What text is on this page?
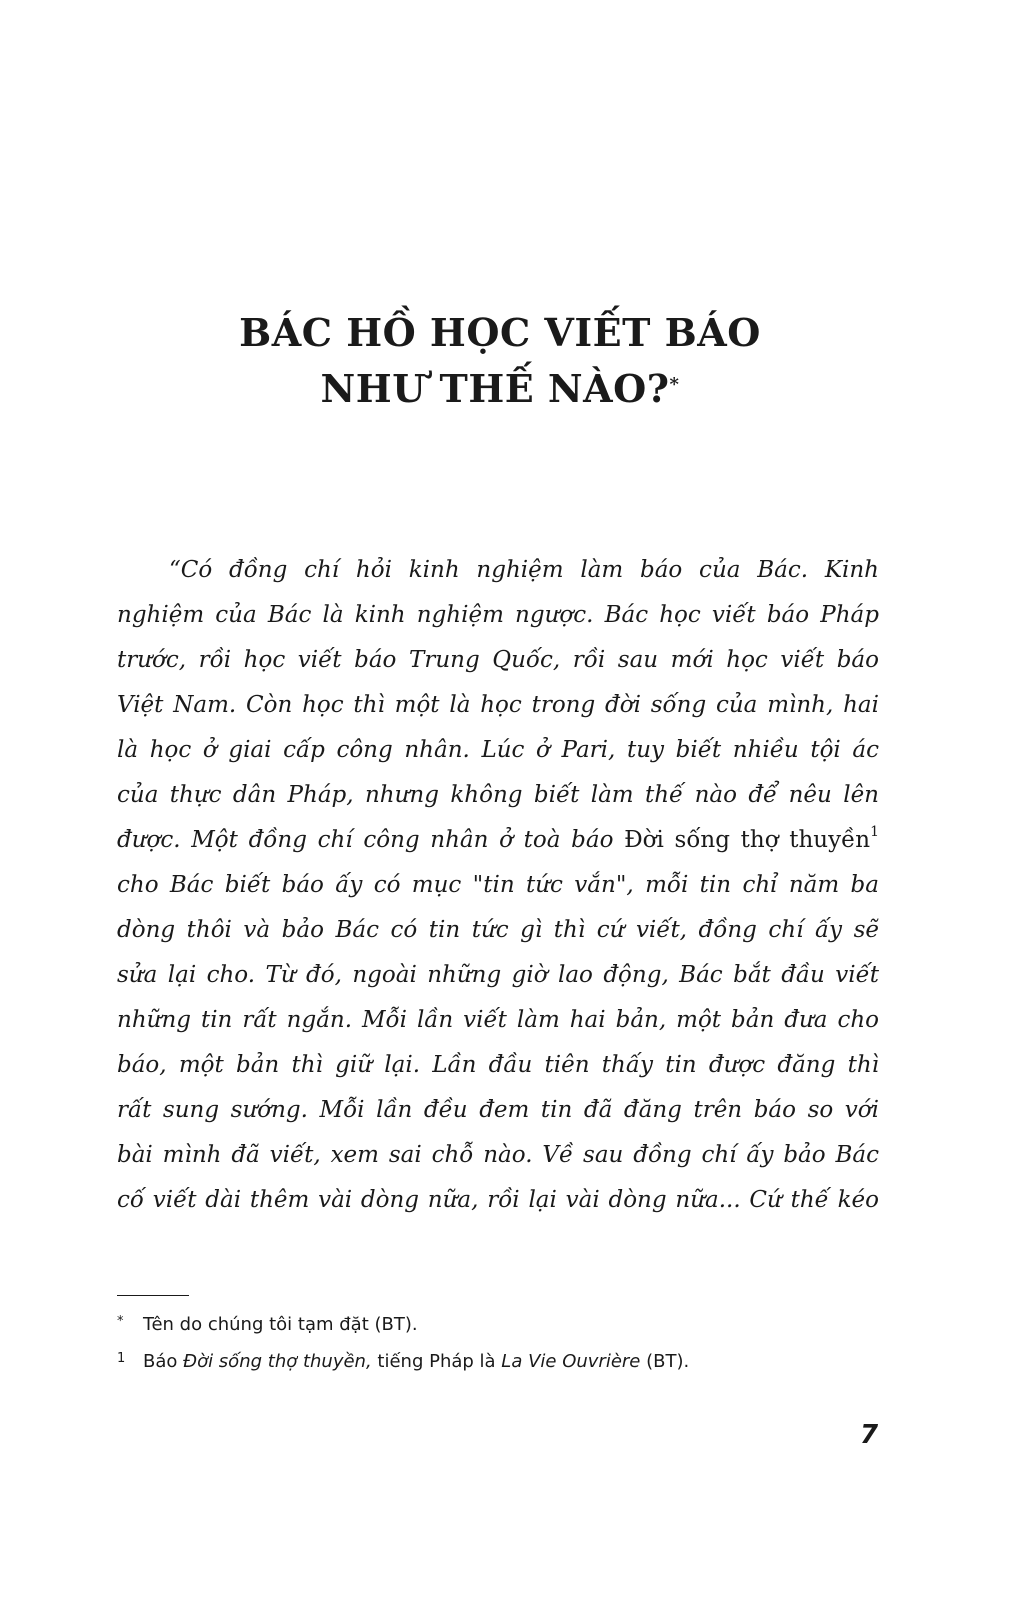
BÁC HỒ HỌC VIẾT BÁO
NHƯ THẾ NÀO?*
“Có đồng chí hỏi kinh nghiệm làm báo của Bác. Kinh
nghiệm của Bác là kinh nghiệm ngược. Bác học viết báo Pháp
trước, rồi học viết báo Trung Quốc, rồi sau mới học viết báo
Việt Nam. Còn học thì một là học trong đời sống của mình, hai
là học ở giai cấp công nhân. Lúc ở Pari, tuy biết nhiều tội ác
của thực dân Pháp, nhưng không biết làm thế nào để nêu lên
được. Một đồng chí công nhân ở toà báo Đời sống thợ thuyền$^1$
cho Bác biết báo ấy có mục "tin tức vắn", mỗi tin chỉ năm ba
dòng thôi và bảo Bác có tin tức gì thì cứ viết, đồng chí ấy sẽ
sửa lại cho. Từ đó, ngoài những giờ lao động, Bác bắt đầu viết
những tin rất ngắn. Mỗi lần viết làm hai bản, một bản đưa cho
báo, một bản thì giữ lại. Lần đầu tiên thấy tin được đăng thì
rất sung sướng. Mỗi lần đều đem tin đã đăng trên báo so với
bài mình đã viết, xem sai chỗ nào. Về sau đồng chí ấy bảo Bác
cố viết dài thêm vài dòng nữa, rồi lại vài dòng nữa... Cứ thế kéo
* Tên do chúng tôi tạm đặt (BT).
1 Báo Đời sống thợ thuyền, tiếng Pháp là La Vie Ouvrière (BT).
7
